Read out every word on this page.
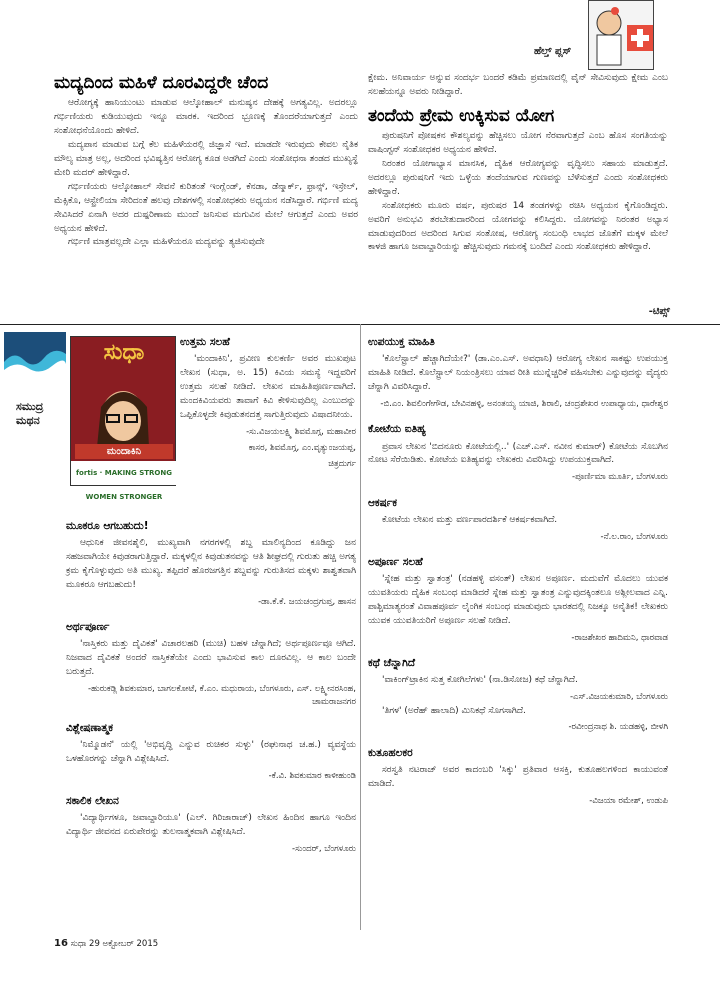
ಹೆಲ್ತ್ ಪ್ಲಸ್
ಮದ್ಯದಿಂದ ಮಹಿಳೆ ದೂರವಿದ್ದರೇ ಚೆಂದ

ಆರೋಗ್ಯಕ್ಕೆ ಹಾನಿಯುಂಟು ಮಾಡುವ ಆಲ್ಕೋಹಾಲ್ ಮನುಷ್ಯನ ದೇಹಕ್ಕೆ ಅಗತ್ಯವಿಲ್ಲ. ಅದರಲ್ಲೂ ಗರ್ಭಿಣಿಯರು ಕುಡಿಯುವುದು ಇನ್ನೂ ಮಾರಕ. ಇದರಿಂದ ಭ್ರೂಣಕ್ಕೆ ತೊಂದರೆಯಾಗುತ್ತದೆ ಎಂದು ಸಂಶೋಧನೆಯೊಂದು ಹೇಳಿದೆ.

ಮದ್ಯಪಾನ ಮಾಡುವ ಬಗ್ಗೆ ಕೆಲ ಮಹಿಳೆಯರಲ್ಲಿ ಜಿಜ್ಞಾಸೆ ಇದೆ. ಮಾಡದೇ ಇರುವುದು ಕೇವಲ ನೈತಿಕ ಮೌಲ್ಯ ಮಾತ್ರ ಅಲ್ಲ, ಅದರಿಂದ ಭವಿಷ್ಯತ್ತಿನ ಆರೋಗ್ಯ ಕೂಡ ಅಡಗಿದೆ ಎಂದು ಸಂಶೋಧನಾ ತಂಡದ ಮುಖ್ಯಸ್ಥೆ ಮೇರಿ ಮದರ್ ಹೇಳಿದ್ದಾರೆ.

ಗರ್ಭಿಣಿಯರು ಆಲ್ಕೋಹಾಲ್ ಸೇವನೆ ಕುರಿತಂತೆ ಇಂಗ್ಲೆಂಡ್, ಕೆನಡಾ, ಡೆನ್ಮಾರ್ಕ್, ಫ್ರಾನ್ಸ್, ಇಸ್ರೇಲ್, ಮೆಕ್ಸಿಕೊ, ಆಸ್ಟ್ರೇಲಿಯಾ ಸೇರಿದಂತೆ ಹಲವು ದೇಶಗಳಲ್ಲಿ ಸಂಶೋಧಕರು ಅಧ್ಯಯನ ನಡೆಸಿದ್ದಾರೆ. ಗರ್ಭಿಣಿ ಮದ್ಯ ಸೇವಿಸಿದರೆ ಏನಾಗಿ ಅದರ ದುಷ್ಪರಿಣಾಮ ಮುಂದೆ ಜನಿಸುವ ಮಗುವಿನ ಮೇಲೆ ಆಗುತ್ತದೆ ಎಂದು ಅವರ ಅಧ್ಯಯನ ಹೇಳಿದೆ.

ಗರ್ಭಿಣಿ ಮಾತ್ರವಲ್ಲದೇ ಎಲ್ಲಾ ಮಹಿಳೆಯರೂ ಮದ್ಯವನ್ನು ತ್ಯಜಿಸುವುದೇ

ಕ್ಷೇಮ. ಅನಿವಾರ್ಯ ಅನ್ನುವ ಸಂದರ್ಭ ಬಂದರೆ ಕಡಿಮೆ ಪ್ರಮಾಣದಲ್ಲಿ ವೈನ್ ಸೇವಿಸುವುದು ಕ್ಷೇಮ ಎಂಬ ಸಲಹೆಯನ್ನೂ ಅವರು ನೀಡಿದ್ದಾರೆ.

ತಂದೆಯ ಪ್ರೇಮ ಉಕ್ಕಿಸುವ ಯೋಗ

ಪುರುಷನಿಗೆ ಪೋಷಕನ ಕೌಶಲ್ಯವನ್ನು ಹೆಚ್ಚಿಸಲು ಯೋಗ ನೆರವಾಗುತ್ತದೆ ಎಂಬ ಹೊಸ ಸಂಗತಿಯನ್ನು ವಾಷಿಂಗ್ಟನ್ ಸಂಶೋಧಕರ ಅಧ್ಯಯನ ಹೇಳಿದೆ.

ನಿರಂತರ ಯೋಗಾಭ್ಯಾಸ ಮಾನಸಿಕ, ದೈಹಿಕ ಆರೋಗ್ಯವನ್ನು ವೃದ್ಧಿಸಲು ಸಹಾಯ ಮಾಡುತ್ತದೆ. ಅದರಲ್ಲೂ ಪುರುಷನಿಗೆ ಇದು ಒಳ್ಳೆಯ ತಂದೆಯಾಗುವ ಗುಣವನ್ನು ಬೆಳೆಸುತ್ತದೆ ಎಂದು ಸಂಶೋಧಕರು ಹೇಳಿದ್ದಾರೆ.

ಸಂಶೋಧಕರು ಮೂರು ವರ್ಷ, ಪುರುಷರ 14 ತಂಡಗಳನ್ನು ರಚಿಸಿ ಅಧ್ಯಯನ ಕೈಗೊಂಡಿದ್ದರು. ಅವರಿಗೆ ಅನುಭವಿ ತರಬೇತುದಾರರಿಂದ ಯೋಗವನ್ನು ಕಲಿಸಿದ್ದರು. ಯೋಗವನ್ನು ನಿರಂತರ ಅಭ್ಯಾಸ ಮಾಡುವುದರಿಂದ ಅದರಿಂದ ಸಿಗುವ ಸಂತೋಷ, ಆರೋಗ್ಯ ಸಂಬಂಧಿ ಲಾಭದ ಜೊತೆಗೆ ಮಕ್ಕಳ ಮೇಲೆ ಕಾಳಜಿ ಹಾಗೂ ಜವಾಬ್ದಾರಿಯನ್ನು ಹೆಚ್ಚಿಸುವುದು ಗಮನಕ್ಕೆ ಬಂದಿದೆ ಎಂದು ಸಂಶೋಧಕರು ಹೇಳಿದ್ದಾರೆ.

-ಟಿಪ್ಸ್
ಸಮುದ್ರ
ಮಥನ
ಸುಧಾ
ಮಂದಾಕಿನಿ
fortis · MAKING STRONG WOMEN STRONGER
ಉತ್ತಮ ಸಲಹೆ

'ಮಂದಾಕಿನಿ', ಪ್ರವೀಣ ಕುಲಕರ್ಣಿ ಅವರ ಮುಖಪುಟ ಲೇಖನ (ಸುಧಾ, ಅ. 15) ಕಿವಿಯ ಸಮಸ್ಯೆ ಇದ್ದವರಿಗೆ ಉತ್ತಮ ಸಲಹೆ ನೀಡಿದೆ. ಲೇಖನ ಮಾಹಿತಿಪೂರ್ಣವಾಗಿದೆ. ಮಂದಕಿವಿಯವರು ತಾವಾಗೆ ಕಿವಿ ಕೇಳಿಸುವುದಿಲ್ಲ ಎಂಬುದನ್ನು ಒಪ್ಪಿಕೊಳ್ಳದೇ ಕಿವುಡುತನದತ್ತ ಸಾಗುತ್ತಿರುವುದು ವಿಷಾದನೀಯ.

-ಸು.ವಿಜಯಲಕ್ಷ್ಮಿ ಶಿವಮೊಗ್ಗ, ಮಹಾವೀರ
ಕಾಸರ, ಶಿವಮೊಗ್ಗ, ಎಂ.ವೃತ್ಯುಂಜಯಪ್ಪ,
ಚಿತ್ರದುರ್ಗ
ಮೂಕರೂ ಆಗಬಹುದು!

ಆಧುನಿಕ ಜೀವನಶೈಲಿ, ಮುಖ್ಯವಾಗಿ ನಗರಗಳಲ್ಲಿ ಶಬ್ದ ಮಾಲಿನ್ಯದಿಂದ ಕೂಡಿದ್ದು ಜನ ಸಹಜವಾಗಿಯೇ ಕಿವುಡರಾಗುತ್ತಿದ್ದಾರೆ. ಮಕ್ಕಳಲ್ಲಿನ ಕಿವುಡುತನವನ್ನು ಆತಿ ಶೀಘ್ರದಲ್ಲಿ ಗುರುತು ಹಚ್ಚಿ ಅಗತ್ಯ ಕ್ರಮ ಕೈಗೊಳ್ಳುವುದು ಅತಿ ಮುಖ್ಯ. ತಪ್ಪಿದರೆ ಹೊರಜಗತ್ತಿನ ಶಬ್ದವನ್ನು ಗುರುತಿಸದ ಮಕ್ಕಳು ಶಾಶ್ವತವಾಗಿ ಮೂಕರೂ ಆಗಬಹುದು!

-ಡಾ.ಕೆ.ಕೆ. ಜಯಚಂದ್ರಗುಪ್ತ, ಹಾಸನ
ಅರ್ಥಪೂರ್ಣ

'ನಾಸ್ತಿಕರು ಮತ್ತು ದೈವಿಕತೆ' ವಿಚಾರಲಹರಿ (ಮುಚಿ) ಬಹಳ ಚೆನ್ನಾಗಿದೆ; ಅರ್ಥಪೂರ್ಣವೂ ಆಗಿದೆ. ನಿಜವಾದ ದೈವಿಕತೆ ಅಂದರೆ ನಾಸ್ತಿಕತೆಯೇ ಎಂದು ಭಾವಿಸುವ ಕಾಲ ದೂರವಿಲ್ಲ. ಆ ಕಾಲ ಬಂದೇ ಬರುತ್ತದೆ.

-ಹುರುಕಡ್ಲಿ ಶಿವಕುಮಾರ, ಬಾಗಲಕೋಟೆ, ಕೆ.ಎಂ. ಮಧುರಾಯ, ಬೆಂಗಳೂರು, ಎಸ್. ಲಕ್ಷ್ಮೀನರಸಿಂಹ, ಚಾಮರಾಜನಗರ
ವಿಶ್ಲೇಷಣಾತ್ಮಕ

'ನಿಮ್ಮೊಡನೆ' ಯಲ್ಲಿ 'ಅಭಿವೃದ್ಧಿ ಎನ್ನುವ ರುಚಿಕರ ಸುಳ್ಳು' (ರಘುನಾಥ ಚ.ಹ.) ವ್ಯವಸ್ಥೆಯ ಒಳಹೊರಗನ್ನು ಚೆನ್ನಾಗಿ ವಿಶ್ಲೇಷಿಸಿದೆ.

-ಕೆ.ವಿ. ಶಿವಕುಮಾರ ಕಾಳೀಹುಂಡಿ
ಸಕಾಲಿಕ ಲೇಖನ

'ವಿದ್ಯಾರ್ಥಿಗಳೂ, ಜವಾಬ್ದಾರಿಯೂ' (ಎಲ್. ಗಿರಿಜಾರಾಜ್) ಲೇಖನ ಹಿಂದಿನ ಹಾಗೂ ಇಂದಿನ ವಿದ್ಯಾರ್ಥಿ ಜೀವನದ ಏರುಪೇರನ್ನು ತುಲನಾತ್ಮಕವಾಗಿ ವಿಶ್ಲೇಷಿಸಿದೆ.

-ಸುಂದರ್, ಬೆಂಗಳೂರು
ಉಪಯುಕ್ತ ಮಾಹಿತಿ

'ಕೊಲೆಸ್ಟ್ರಾಲ್ ಹೆಚ್ಚಾಗಿದೆಯೇ?' (ಡಾ.ಎಂ.ಎಸ್. ಅವಧಾನಿ) ಆರೋಗ್ಯ ಲೇಖನ ಸಾಕಷ್ಟು ಉಪಯುಕ್ತ ಮಾಹಿತಿ ನೀಡಿದೆ. ಕೊಲೆಸ್ಟ್ರಾಲ್ ನಿಯಂತ್ರಿಸಲು ಯಾವ ರೀತಿ ಮುನ್ನೆಚ್ಚರಿಕೆ ವಹಿಸಬೇಕು ಎನ್ನುವುದನ್ನು ವೈದ್ಯರು ಚೆನ್ನಾಗಿ ವಿವರಿಸಿದ್ದಾರೆ.

-ಬಿ.ಎಂ. ಶಿವಲಿಂಗೇಗೌಡ, ಬೇವಿನಹಳ್ಳಿ, ಅನಂತಯ್ಯ ಯಾಜಿ, ಶಿರಾಲಿ, ಚಂದ್ರಶೇಖರ ಉಪಾಧ್ಯಾಯ, ಧಾರೇಶ್ವರ
ಕೋಟೆಯ ಐತಿಹ್ಯ

ಪ್ರವಾಸ ಲೇಖನ 'ಬಿದನೂರು ಕೋಟೆಯಲ್ಲಿ..' (ಎಚ್.ಎಸ್. ನವೀನ ಕುಮಾರ್) ಕೋಟೆಯ ಸೊಬಗಿನ ನೋಟ ಸೆರೆಯಿಡಿತು. ಕೋಟೆಯ ಐತಿಹ್ಯವನ್ನು ಲೇಖಕರು ವಿವರಿಸಿದ್ದು ಉಪಯುಕ್ತವಾಗಿದೆ.

-ಪೂರ್ಣಿಮಾ ಮೂರ್ತಿ, ಬೆಂಗಳೂರು
ಆಕರ್ಷಕ

ಕೋಟೆಯ ಲೇಖನ ಮತ್ತು ವರ್ಣಪಾರದರ್ಶಿಕೆ ಆಕರ್ಷಕವಾಗಿದೆ.

-ನೆ.ಲ.ರಾಂ, ಬೆಂಗಳೂರು
ಅಪೂರ್ಣ ಸಲಹೆ

'ಸ್ನೇಹ ಮತ್ತು ಸ್ವಾತಂತ್ರ' (ನಡಹಳ್ಳಿ ವಸಂತ್) ಲೇಖನ ಅಪೂರ್ಣ. ಮದುವೆಗೆ ಮೊದಲು ಯುವಕ ಯುವತಿಯರು ದೈಹಿಕ ಸಂಬಂಧ ಮಾಡಿದರೆ ಸ್ನೇಹ ಮತ್ತು ಸ್ವಾತಂತ್ರ ಎನ್ನುವುದಕ್ಕಿಂತಲೂ ಅಶ್ಲೀಲವಾದ ಎನ್ನಿ. ಪಾಶ್ಚಿಮಾತ್ಯರಂತೆ ವಿವಾಹಪೂರ್ವ ಲೈಂಗಿಕ ಸಂಬಂಧ ಮಾಡುವುದು ಭಾರತದಲ್ಲಿ ನಿಜಕ್ಕೂ ಅನೈತಿಕ! ಲೇಖಕರು ಯುವಕ ಯುವತಿಯರಿಗೆ ಅಪೂರ್ಣ ಸಲಹೆ ನೀಡಿದೆ.

-ರಾಜಶೇಖರ ಹಾದಿಮನಿ, ಧಾರವಾಡ
ಕಥೆ ಚೆನ್ನಾಗಿದೆ

'ವಾಕಿಂಗ್‌ಟ್ರಾಕಿನ ಸುತ್ತ ಕೋಗಿಲೆಗಳು' (ನಾ.ಡಿಸೋಜ) ಕಥೆ ಚೆನ್ನಾಗಿದೆ.

-ಎಸ್.ವಿಜಯಕುಮಾರಿ, ಬೆಂಗಳೂರು

'ತಿಗಳ' (ಅರೆಹ್ ಹಾಲಾದಿ) ಮಿನಿಕಥೆ ಸೊಗಸಾಗಿದೆ.

-ರವೀಂದ್ರನಾಥ ಶಿ. ಯಡಹಳ್ಳಿ, ಬೀಳಗಿ
ಕುತೂಹಲಕರ

ಸರಸ್ವತಿ ನಟರಾಜ್ ಅವರ ಕಾದಂಬರಿ 'ಸಿಕ್ಕು' ಪ್ರತಿವಾರ ಆಸಕ್ತಿ, ಕುತೂಹಲಗಳಿಂದ ಕಾಯುವಂತೆ ಮಾಡಿದೆ.

-ವಿಜಯಾ ರಮೇಶ್, ಉಡುಪಿ
16 ಸುಧಾ 29 ಅಕ್ಟೋಬರ್ 2015
